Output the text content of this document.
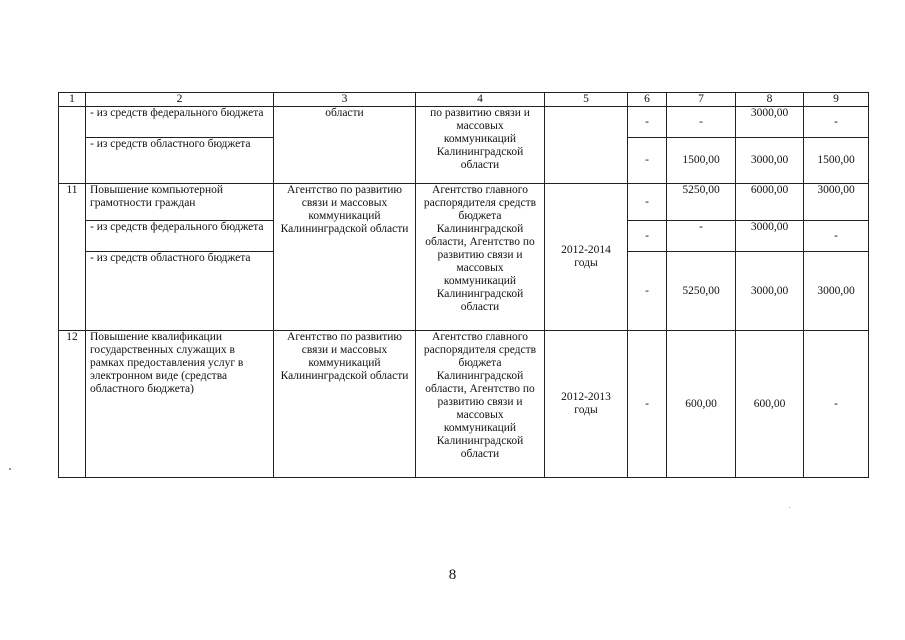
1	2	3	4	5	6	7	8	9
	- из средств федерального бюджета	области	по развитию связи и массовых коммуникаций Калининградской области		-	-	3000,00	-
	- из средств областного бюджета				-	1500,00	3000,00	1500,00
11	Повышение компьютерной грамотности граждан	Агентство по развитию связи и массовых коммуникаций Калининградской области	Агентство главного распорядителя средств бюджета Калининградской области, Агентство по развитию связи и массовых коммуникаций Калининградской области	2012-2014 годы	-	5250,00	6000,00	3000,00
	- из средств федерального бюджета				-	-	3000,00	-
	- из средств областного бюджета				-	5250,00	3000,00	3000,00
12	Повышение квалификации государственных служащих в рамках предоставления услуг в электронном виде (средства областного бюджета)	Агентство по развитию связи и массовых коммуникаций Калининградской области	Агентство главного распорядителя средств бюджета Калининградской области, Агентство по развитию связи и массовых коммуникаций Калининградской области	2012-2013 годы	-	600,00	600,00	-
8
